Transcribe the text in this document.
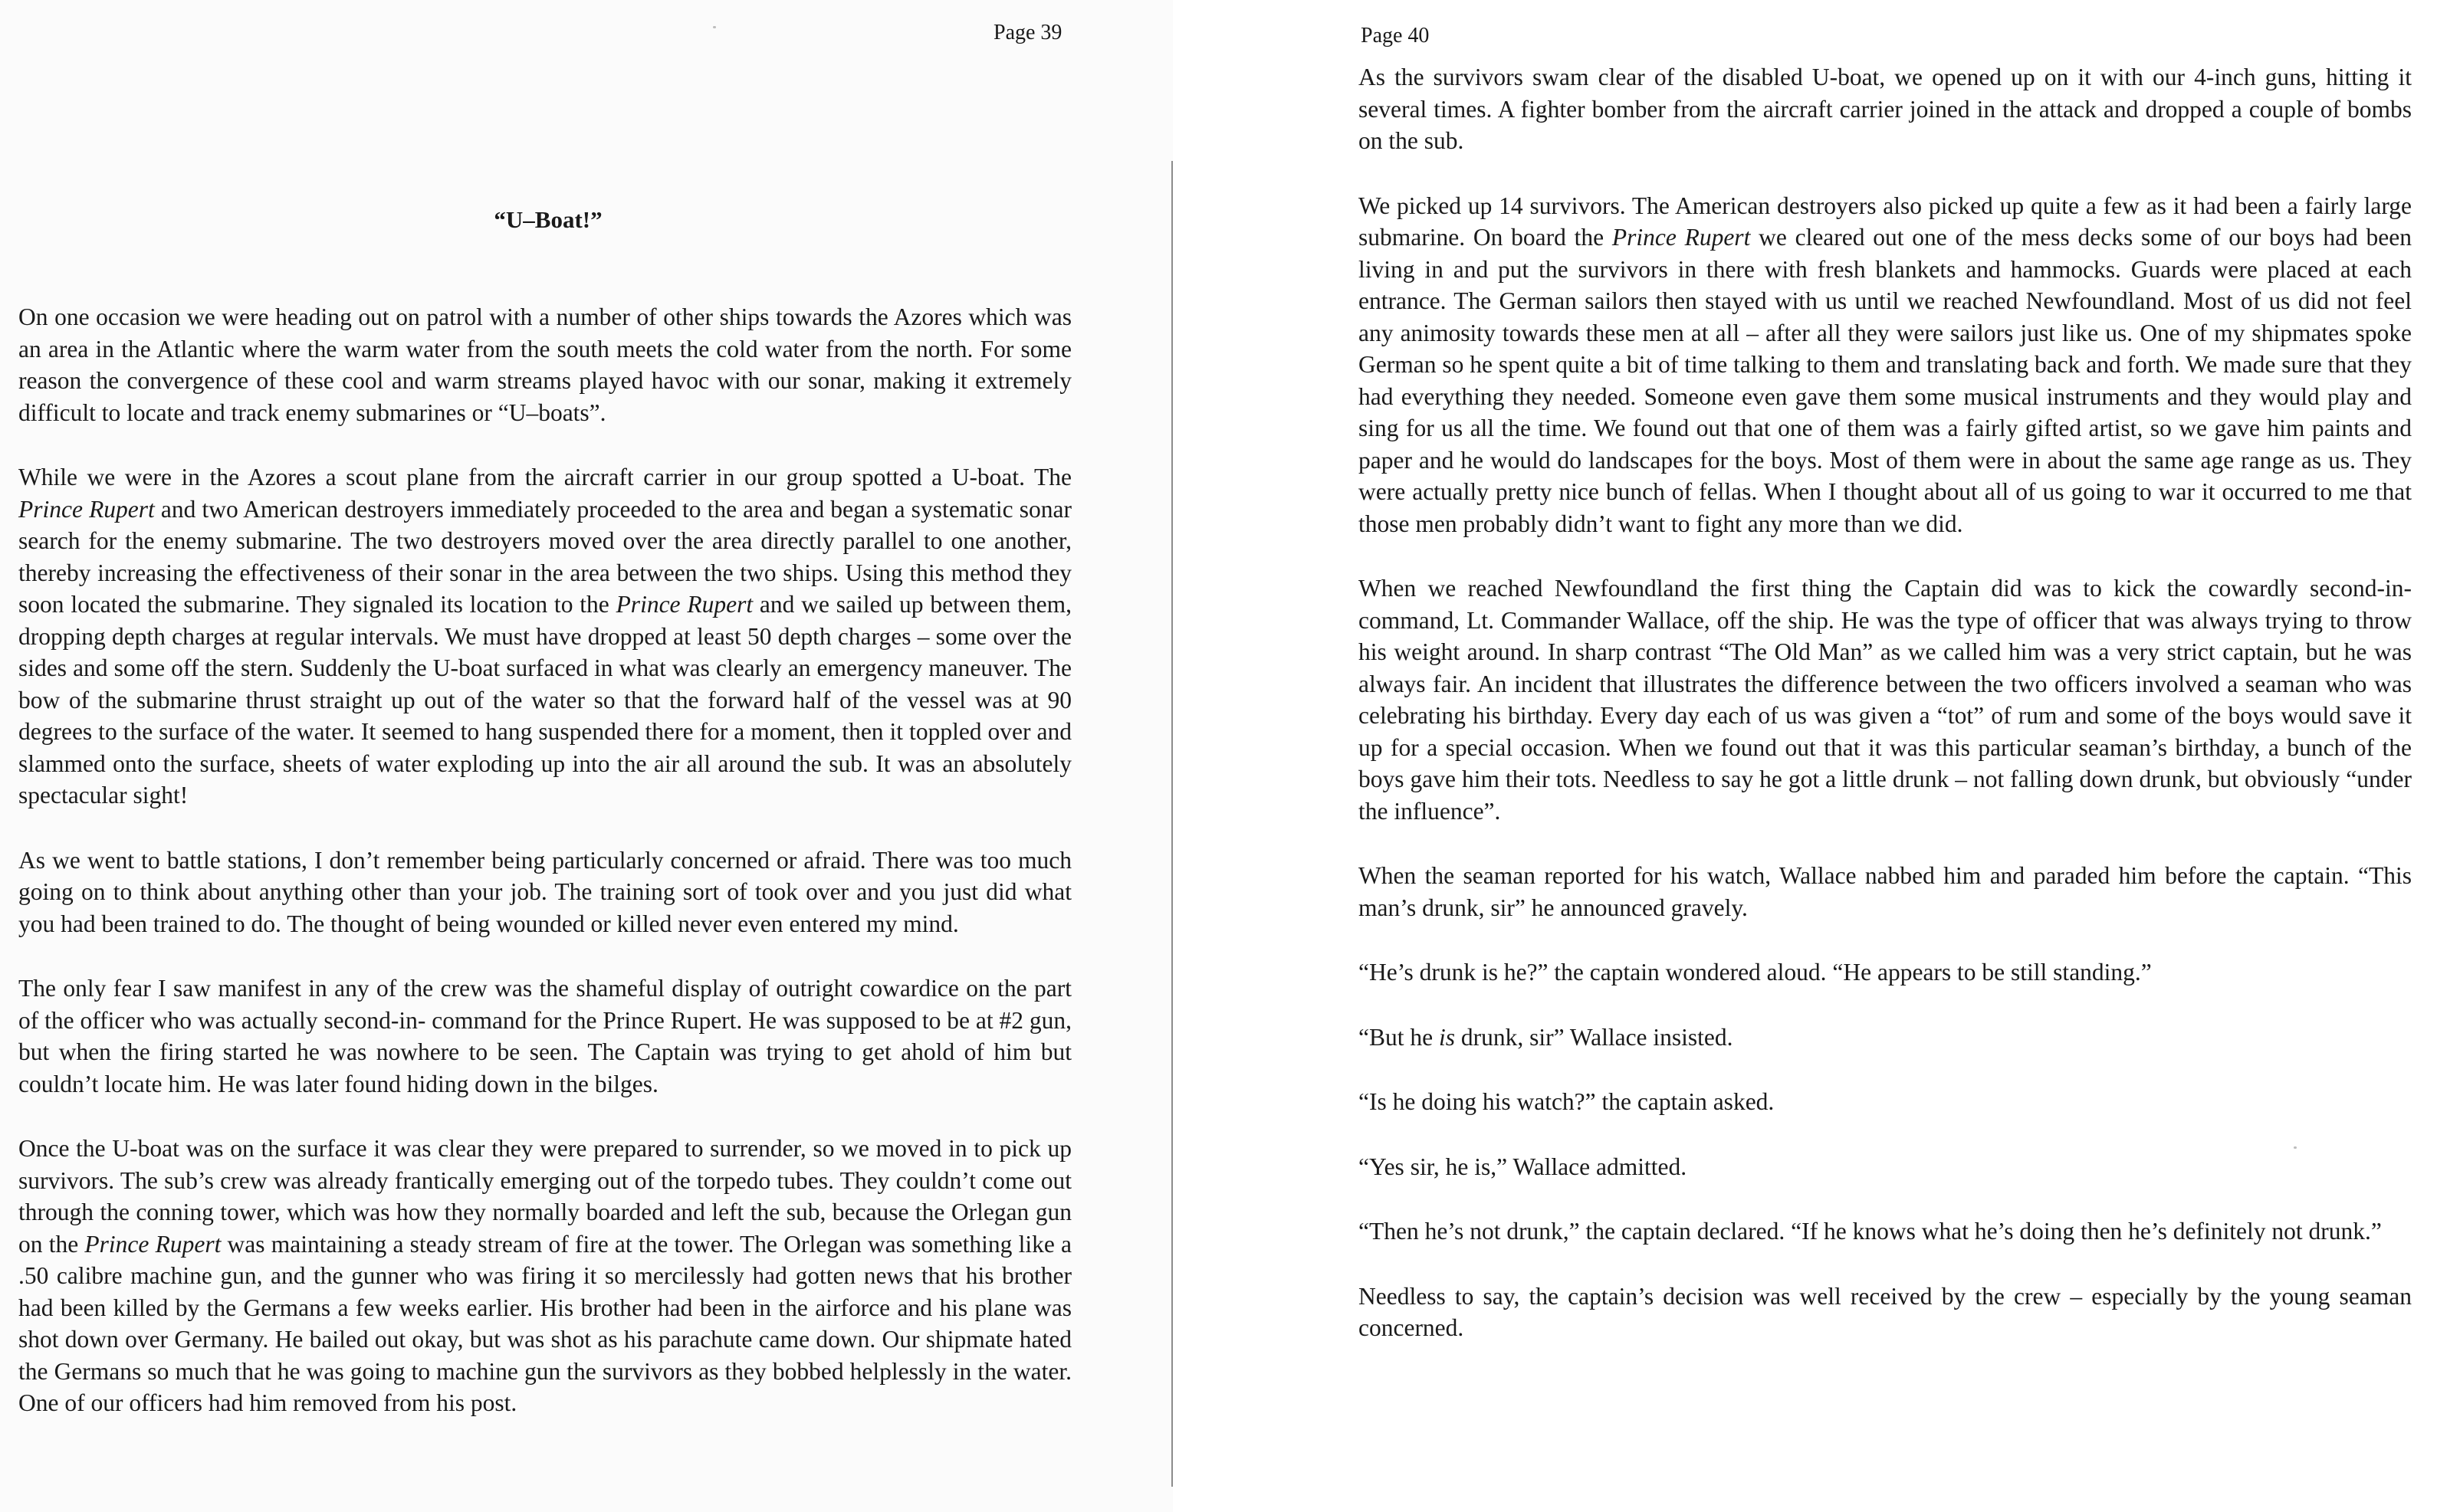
Page 39
“U–Boat!”

On one occasion we were heading out on patrol with a number of other ships towards the Azores which was an area in the Atlantic where the warm water from the south meets the cold water from the north. For some reason the convergence of these cool and warm streams played havoc with our sonar, making it extremely difficult to locate and track enemy submarines or “U–boats”.

While we were in the Azores a scout plane from the aircraft carrier in our group spotted a U-boat. The Prince Rupert and two American destroyers immediately proceeded to the area and began a systematic sonar search for the enemy submarine. The two destroyers moved over the area directly parallel to one another, thereby increasing the effectiveness of their sonar in the area between the two ships. Using this method they soon located the submarine. They signaled its location to the Prince Rupert and we sailed up between them, dropping depth charges at regular intervals. We must have dropped at least 50 depth charges – some over the sides and some off the stern. Suddenly the U-boat surfaced in what was clearly an emergency maneuver. The bow of the submarine thrust straight up out of the water so that the forward half of the vessel was at 90 degrees to the surface of the water. It seemed to hang suspended there for a moment, then it toppled over and slammed onto the surface, sheets of water exploding up into the air all around the sub. It was an absolutely spectacular sight!

As we went to battle stations, I don’t remember being particularly concerned or afraid. There was too much going on to think about anything other than your job. The training sort of took over and you just did what you had been trained to do. The thought of being wounded or killed never even entered my mind.

The only fear I saw manifest in any of the crew was the shameful display of outright cowardice on the part of the officer who was actually second-in- command for the Prince Rupert. He was supposed to be at #2 gun, but when the firing started he was nowhere to be seen. The Captain was trying to get ahold of him but couldn’t locate him. He was later found hiding down in the bilges.

Once the U-boat was on the surface it was clear they were prepared to surrender, so we moved in to pick up survivors. The sub’s crew was already frantically emerging out of the torpedo tubes. They couldn’t come out through the conning tower, which was how they normally boarded and left the sub, because the Orlegan gun on the Prince Rupert was maintaining a steady stream of fire at the tower. The Orlegan was something like a .50 calibre machine gun, and the gunner who was firing it so mercilessly had gotten news that his brother had been killed by the Germans a few weeks earlier. His brother had been in the airforce and his plane was shot down over Germany. He bailed out okay, but was shot as his parachute came down. Our shipmate hated the Germans so much that he was going to machine gun the survivors as they bobbed helplessly in the water. One of our officers had him removed from his post.

Page 40

As the survivors swam clear of the disabled U-boat, we opened up on it with our 4-inch guns, hitting it several times. A fighter bomber from the aircraft carrier joined in the attack and dropped a couple of bombs on the sub.

We picked up 14 survivors. The American destroyers also picked up quite a few as it had been a fairly large submarine. On board the Prince Rupert we cleared out one of the mess decks some of our boys had been living in and put the survivors in there with fresh blankets and hammocks. Guards were placed at each entrance. The German sailors then stayed with us until we reached Newfoundland. Most of us did not feel any animosity towards these men at all – after all they were sailors just like us. One of my shipmates spoke German so he spent quite a bit of time talking to them and translating back and forth. We made sure that they had everything they needed. Someone even gave them some musical instruments and they would play and sing for us all the time. We found out that one of them was a fairly gifted artist, so we gave him paints and paper and he would do landscapes for the boys. Most of them were in about the same age range as us. They were actually pretty nice bunch of fellas. When I thought about all of us going to war it occurred to me that those men probably didn’t want to fight any more than we did.

When we reached Newfoundland the first thing the Captain did was to kick the cowardly second-in-command, Lt. Commander Wallace, off the ship. He was the type of officer that was always trying to throw his weight around. In sharp contrast “The Old Man” as we called him was a very strict captain, but he was always fair. An incident that illustrates the difference between the two officers involved a seaman who was celebrating his birthday. Every day each of us was given a “tot” of rum and some of the boys would save it up for a special occasion. When we found out that it was this particular seaman’s birthday, a bunch of the boys gave him their tots. Needless to say he got a little drunk – not falling down drunk, but obviously “under the influence”.

When the seaman reported for his watch, Wallace nabbed him and paraded him before the captain. “This man’s drunk, sir” he announced gravely.

“He’s drunk is he?” the captain wondered aloud. “He appears to be still standing.”

“But he is drunk, sir” Wallace insisted.

“Is he doing his watch?” the captain asked.

“Yes sir, he is,” Wallace admitted.

“Then he’s not drunk,” the captain declared. “If he knows what he’s doing then he’s definitely not drunk.”

Needless to say, the captain’s decision was well received by the crew – especially by the young seaman concerned.
